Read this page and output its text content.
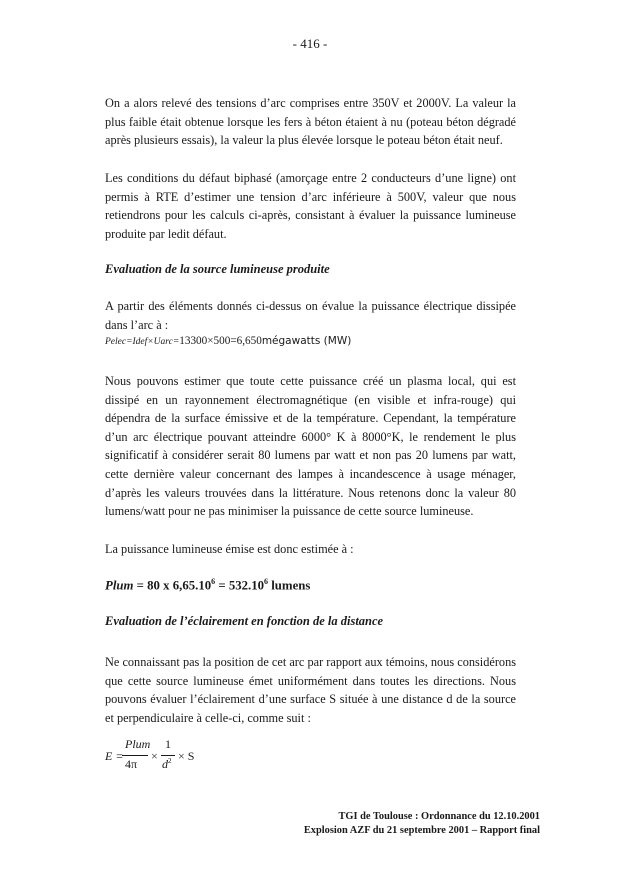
- 416 -

On a alors relevé des tensions d’arc comprises entre 350V et 2000V. La valeur la plus faible était obtenue lorsque les fers à béton étaient à nu (poteau béton dégradé après plusieurs essais), la valeur la plus élevée lorsque le poteau béton était neuf.

Les conditions du défaut biphasé (amorçage entre 2 conducteurs d’une ligne) ont permis à RTE d’estimer une tension d’arc inférieure à 500V, valeur que nous retiendrons pour les calculs ci-après, consistant à évaluer la puissance lumineuse produite par ledit défaut.

Evaluation de la source lumineuse produite

A partir des éléments donnés ci-dessus on évalue la puissance électrique dissipée dans l’arc à :

Pelec=Idef×Uarc=13300×500=6,650mégawatts (MW)

Nous pouvons estimer que toute cette puissance créé un plasma local, qui est dissipé en un rayonnement électromagnétique (en visible et infra-rouge) qui dépendra de la surface émissive et de la température. Cependant, la température d’un arc électrique pouvant atteindre 6000° K à 8000°K, le rendement le plus significatif à considérer serait 80 lumens par watt et non pas 20 lumens par watt, cette dernière valeur concernant des lampes à incandescence à usage ménager, d’après les valeurs trouvées dans la littérature. Nous retenons donc la valeur 80 lumens/watt pour ne pas minimiser la puissance de cette source lumineuse.

La puissance lumineuse émise est donc estimée à :

Plum = 80 x $6,65.10^6 = 532.10^6$ lumens

Evaluation de l’éclairement en fonction de la distance

Ne connaissant pas la position de cet arc par rapport aux témoins, nous considérons que cette source lumineuse émet uniformément dans toutes les directions. Nous pouvons évaluer l’éclairement d’une surface S située à une distance d de la source et perpendiculaire à celle-ci, comme suit :

E =
Plum
4π
×
1
$d^2 \times S$
TGI de Toulouse : Ordonnance du 12.10.2001
Explosion AZF du 21 septembre 2001 – Rapport final
